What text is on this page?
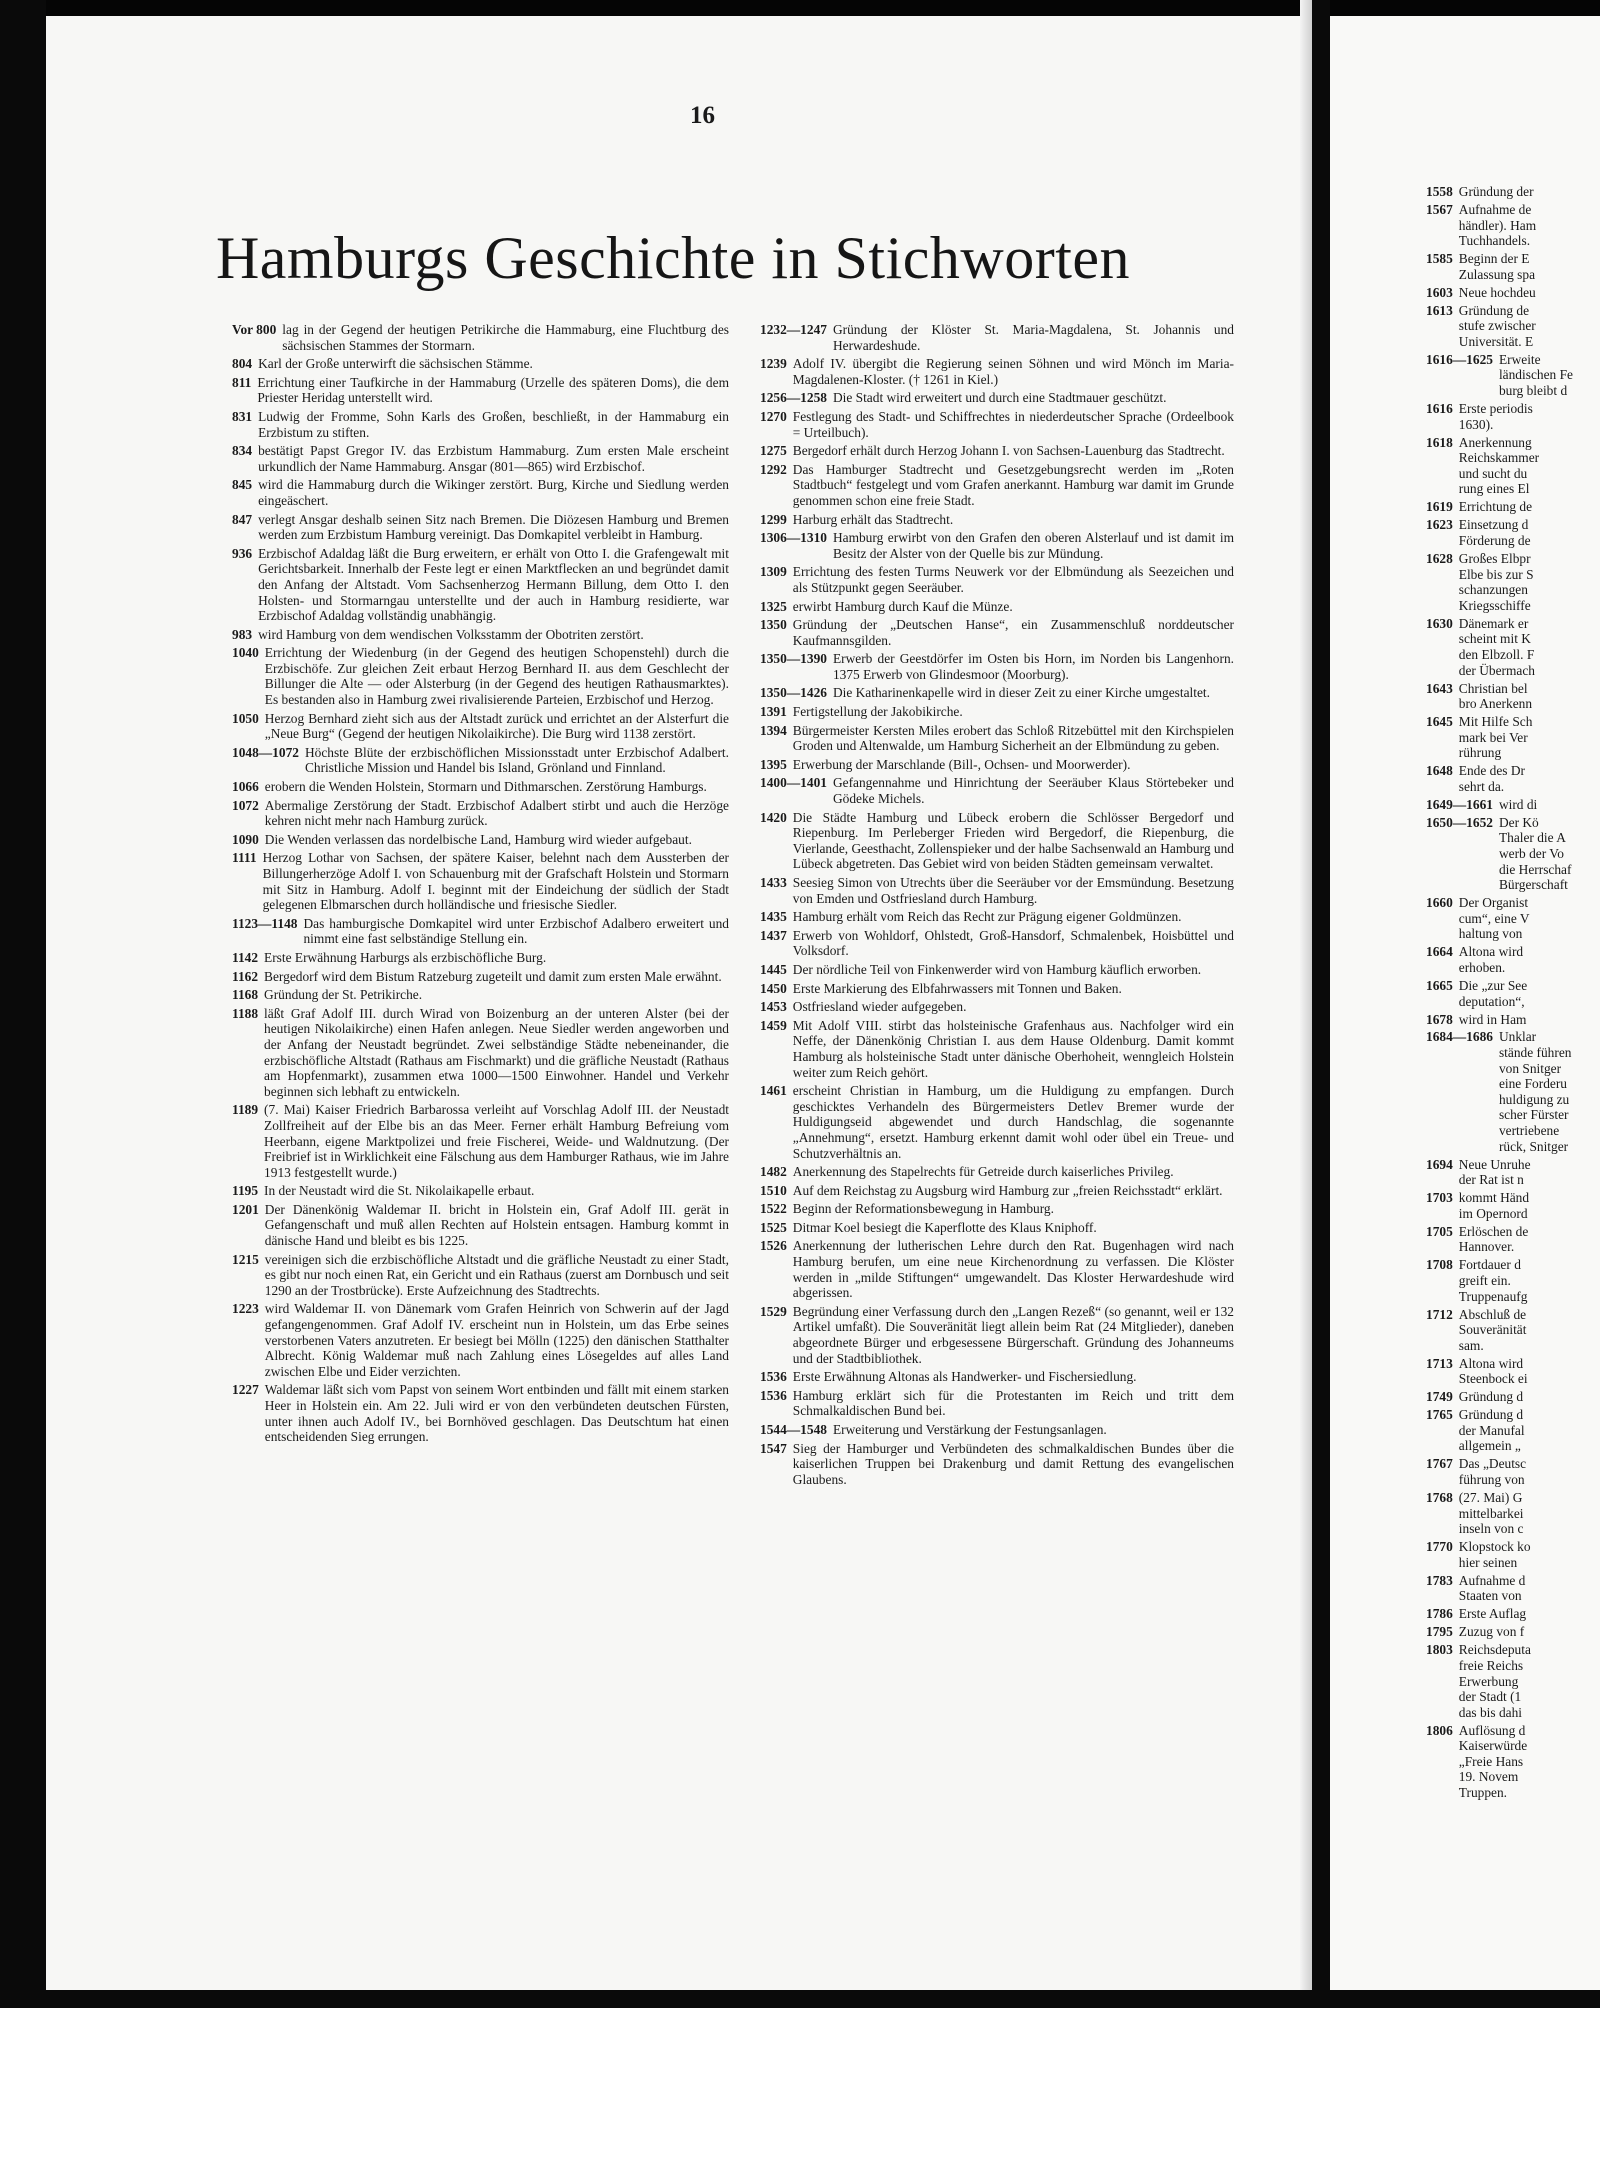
16
Hamburgs Geschichte in Stichworten
Vor 800 lag in der Gegend der heutigen Petrikirche die Hammaburg, eine Fluchtburg des sächsischen Stammes der Stormarn.
804 Karl der Große unterwirft die sächsischen Stämme.
811 Errichtung einer Taufkirche in der Hammaburg (Urzelle des späteren Doms), die dem Priester Heridag unterstellt wird.
831 Ludwig der Fromme, Sohn Karls des Großen, beschließt, in der Hammaburg ein Erzbistum zu stiften.
834 bestätigt Papst Gregor IV. das Erzbistum Hammaburg. Zum ersten Male erscheint urkundlich der Name Hammaburg. Ansgar (801—865) wird Erzbischof.
845 wird die Hammaburg durch die Wikinger zerstört. Burg, Kirche und Siedlung werden eingeäschert.
847 verlegt Ansgar deshalb seinen Sitz nach Bremen. Die Diözesen Hamburg und Bremen werden zum Erzbistum Hamburg vereinigt. Das Domkapitel verbleibt in Hamburg.
936 Erzbischof Adaldag läßt die Burg erweitern, er erhält von Otto I. die Grafengewalt mit Gerichtsbarkeit. Innerhalb der Feste legt er einen Marktflecken an und begründet damit den Anfang der Altstadt. Vom Sachsenherzog Hermann Billung, dem Otto I. den Holsten- und Stormarngau unterstellte und der auch in Hamburg residierte, war Erzbischof Adaldag vollständig unabhängig.
983 wird Hamburg von dem wendischen Volksstamm der Obotriten zerstört.
1040 Errichtung der Wiedenburg (in der Gegend des heutigen Schopenstehl) durch die Erzbischöfe. Zur gleichen Zeit erbaut Herzog Bernhard II. aus dem Geschlecht der Billunger die Alte — oder Alsterburg (in der Gegend des heutigen Rathausmarktes). Es bestanden also in Hamburg zwei rivalisierende Parteien, Erzbischof und Herzog.
1050 Herzog Bernhard zieht sich aus der Altstadt zurück und errichtet an der Alsterfurt die „Neue Burg“ (Gegend der heutigen Nikolaikirche). Die Burg wird 1138 zerstört.
1048—1072 Höchste Blüte der erzbischöflichen Missionsstadt unter Erzbischof Adalbert. Christliche Mission und Handel bis Island, Grönland und Finnland.
1066 erobern die Wenden Holstein, Stormarn und Dithmarschen. Zerstörung Hamburgs.
1072 Abermalige Zerstörung der Stadt. Erzbischof Adalbert stirbt und auch die Herzöge kehren nicht mehr nach Hamburg zurück.
1090 Die Wenden verlassen das nordelbische Land, Hamburg wird wieder aufgebaut.
1111 Herzog Lothar von Sachsen, der spätere Kaiser, belehnt nach dem Aussterben der Billungerherzöge Adolf I. von Schauenburg mit der Grafschaft Holstein und Stormarn mit Sitz in Hamburg. Adolf I. beginnt mit der Eindeichung der südlich der Stadt gelegenen Elbmarschen durch holländische und friesische Siedler.
1123—1148 Das hamburgische Domkapitel wird unter Erzbischof Adalbero erweitert und nimmt eine fast selbständige Stellung ein.
1142 Erste Erwähnung Harburgs als erzbischöfliche Burg.
1162 Bergedorf wird dem Bistum Ratzeburg zugeteilt und damit zum ersten Male erwähnt.
1168 Gründung der St. Petrikirche.
1188 läßt Graf Adolf III. durch Wirad von Boizenburg an der unteren Alster (bei der heutigen Nikolaikirche) einen Hafen anlegen. Neue Siedler werden angeworben und der Anfang der Neustadt begründet. Zwei selbständige Städte nebeneinander, die erzbischöfliche Altstadt (Rathaus am Fischmarkt) und die gräfliche Neustadt (Rathaus am Hopfenmarkt), zusammen etwa 1000—1500 Einwohner. Handel und Verkehr beginnen sich lebhaft zu entwickeln.
1189 (7. Mai) Kaiser Friedrich Barbarossa verleiht auf Vorschlag Adolf III. der Neustadt Zollfreiheit auf der Elbe bis an das Meer. Ferner erhält Hamburg Befreiung vom Heerbann, eigene Marktpolizei und freie Fischerei, Weide- und Waldnutzung. (Der Freibrief ist in Wirklichkeit eine Fälschung aus dem Hamburger Rathaus, wie im Jahre 1913 festgestellt wurde.)
1195 In der Neustadt wird die St. Nikolaikapelle erbaut.
1201 Der Dänenkönig Waldemar II. bricht in Holstein ein, Graf Adolf III. gerät in Gefangenschaft und muß allen Rechten auf Holstein entsagen. Hamburg kommt in dänische Hand und bleibt es bis 1225.
1215 vereinigen sich die erzbischöfliche Altstadt und die gräfliche Neustadt zu einer Stadt, es gibt nur noch einen Rat, ein Gericht und ein Rathaus (zuerst am Dornbusch und seit 1290 an der Trostbrücke). Erste Aufzeichnung des Stadtrechts.
1223 wird Waldemar II. von Dänemark vom Grafen Heinrich von Schwerin auf der Jagd gefangengenommen. Graf Adolf IV. erscheint nun in Holstein, um das Erbe seines verstorbenen Vaters anzutreten. Er besiegt bei Mölln (1225) den dänischen Statthalter Albrecht. König Waldemar muß nach Zahlung eines Lösegeldes auf alles Land zwischen Elbe und Eider verzichten.
1227 Waldemar läßt sich vom Papst von seinem Wort entbinden und fällt mit einem starken Heer in Holstein ein. Am 22. Juli wird er von den verbündeten deutschen Fürsten, unter ihnen auch Adolf IV., bei Bornhöved geschlagen. Das Deutschtum hat einen entscheidenden Sieg errungen.
1232—1247 Gründung der Klöster St. Maria-Magdalena, St. Johannis und Herwardeshude.
1239 Adolf IV. übergibt die Regierung seinen Söhnen und wird Mönch im Maria-Magdalenen-Kloster. († 1261 in Kiel.)
1256—1258 Die Stadt wird erweitert und durch eine Stadtmauer geschützt.
1270 Festlegung des Stadt- und Schiffrechtes in niederdeutscher Sprache (Ordeelbook = Urteilbuch).
1275 Bergedorf erhält durch Herzog Johann I. von Sachsen-Lauenburg das Stadtrecht.
1292 Das Hamburger Stadtrecht und Gesetzgebungsrecht werden im „Roten Stadtbuch“ festgelegt und vom Grafen anerkannt. Hamburg war damit im Grunde genommen schon eine freie Stadt.
1299 Harburg erhält das Stadtrecht.
1306—1310 Hamburg erwirbt von den Grafen den oberen Alsterlauf und ist damit im Besitz der Alster von der Quelle bis zur Mündung.
1309 Errichtung des festen Turms Neuwerk vor der Elbmündung als Seezeichen und als Stützpunkt gegen Seeräuber.
1325 erwirbt Hamburg durch Kauf die Münze.
1350 Gründung der „Deutschen Hanse“, ein Zusammenschluß norddeutscher Kaufmannsgilden.
1350—1390 Erwerb der Geestdörfer im Osten bis Horn, im Norden bis Langenhorn. 1375 Erwerb von Glindesmoor (Moorburg).
1350—1426 Die Katharinenkapelle wird in dieser Zeit zu einer Kirche umgestaltet.
1391 Fertigstellung der Jakobikirche.
1394 Bürgermeister Kersten Miles erobert das Schloß Ritzebüttel mit den Kirchspielen Groden und Altenwalde, um Hamburg Sicherheit an der Elbmündung zu geben.
1395 Erwerbung der Marschlande (Bill-, Ochsen- und Moorwerder).
1400—1401 Gefangennahme und Hinrichtung der Seeräuber Klaus Störtebeker und Gödeke Michels.
1420 Die Städte Hamburg und Lübeck erobern die Schlösser Bergedorf und Riepenburg. Im Perleberger Frieden wird Bergedorf, die Riepenburg, die Vierlande, Geesthacht, Zollenspieker und der halbe Sachsenwald an Hamburg und Lübeck abgetreten. Das Gebiet wird von beiden Städten gemeinsam verwaltet.
1433 Seesieg Simon von Utrechts über die Seeräuber vor der Emsmündung. Besetzung von Emden und Ostfriesland durch Hamburg.
1435 Hamburg erhält vom Reich das Recht zur Prägung eigener Goldmünzen.
1437 Erwerb von Wohldorf, Ohlstedt, Groß-Hansdorf, Schmalenbek, Hoisbüttel und Volksdorf.
1445 Der nördliche Teil von Finkenwerder wird von Hamburg käuflich erworben.
1450 Erste Markierung des Elbfahrwassers mit Tonnen und Baken.
1453 Ostfriesland wieder aufgegeben.
1459 Mit Adolf VIII. stirbt das holsteinische Grafenhaus aus. Nachfolger wird ein Neffe, der Dänenkönig Christian I. aus dem Hause Oldenburg. Damit kommt Hamburg als holsteinische Stadt unter dänische Oberhoheit, wenngleich Holstein weiter zum Reich gehört.
1461 erscheint Christian in Hamburg, um die Huldigung zu empfangen. Durch geschicktes Verhandeln des Bürgermeisters Detlev Bremer wurde der Huldigungseid abgewendet und durch Handschlag, die sogenannte „Annehmung“, ersetzt. Hamburg erkennt damit wohl oder übel ein Treue- und Schutzverhältnis an.
1482 Anerkennung des Stapelrechts für Getreide durch kaiserliches Privileg.
1510 Auf dem Reichstag zu Augsburg wird Hamburg zur „freien Reichsstadt“ erklärt.
1522 Beginn der Reformationsbewegung in Hamburg.
1525 Ditmar Koel besiegt die Kaperflotte des Klaus Kniphoff.
1526 Anerkennung der lutherischen Lehre durch den Rat. Bugenhagen wird nach Hamburg berufen, um eine neue Kirchenordnung zu verfassen. Die Klöster werden in „milde Stiftungen“ umgewandelt. Das Kloster Herwardeshude wird abgerissen.
1529 Begründung einer Verfassung durch den „Langen Rezeß“ (so genannt, weil er 132 Artikel umfaßt). Die Souveränität liegt allein beim Rat (24 Mitglieder), daneben abgeordnete Bürger und erbgesessene Bürgerschaft. Gründung des Johanneums und der Stadtbibliothek.
1536 Erste Erwähnung Altonas als Handwerker- und Fischersiedlung.
1536 Hamburg erklärt sich für die Protestanten im Reich und tritt dem Schmalkaldischen Bund bei.
1544—1548 Erweiterung und Verstärkung der Festungsanlagen.
1547 Sieg der Hamburger und Verbündeten des schmalkaldischen Bundes über die kaiserlichen Truppen bei Drakenburg und damit Rettung des evangelischen Glaubens.
1558 Gründung der
1567 Aufnahme de
händler). Ham
Tuchhandels.
1585 Beginn der E
Zulassung spa
1603 Neue hochdeu
1613 Gründung de
stufe zwischer
Universität. E
1616—1625 Erweite
ländischen Fe
burg bleibt d
1616 Erste periodis
1630).
1618 Anerkennung
Reichskammer
und sucht du
rung eines El
1619 Errichtung de
1623 Einsetzung d
Förderung de
1628 Großes Elbpr
Elbe bis zur S
schanzungen
Kriegsschiffe
1630 Dänemark er
scheint mit K
den Elbzoll. F
der Übermach
1643 Christian bel
bro Anerkenn
1645 Mit Hilfe Sch
mark bei Ver
rührung
1648 Ende des Dr
sehrt da.
1649—1661 wird di
1650—1652 Der Kö
Thaler die A
werb der Vo
die Herrschaf
Bürgerschaft
1660 Der Organist
cum“, eine V
haltung von
1664 Altona wird
erhoben.
1665 Die „zur See
deputation“,
1678 wird in Ham
1684—1686 Unklar
stände führen
von Snitger
eine Forderu
huldigung zu
scher Fürster
vertriebene
rück, Snitger
1694 Neue Unruhe
der Rat ist n
1703 kommt Händ
im Opernord
1705 Erlöschen de
Hannover.
1708 Fortdauer d
greift ein.
Truppenaufg
1712 Abschluß de
Souveränität
sam.
1713 Altona wird
Steenbock ei
1749 Gründung d
1765 Gründung d
der Manufal
allgemein „
1767 Das „Deutsc
führung von
1768 (27. Mai) G
mittelbarkei
inseln von c
1770 Klopstock ko
hier seinen
1783 Aufnahme d
Staaten von
1786 Erste Auflag
1795 Zuzug von f
1803 Reichsdeputa
freie Reichs
Erwerbung
der Stadt (1
das bis dahi
1806 Auflösung d
Kaiserwürde
„Freie Hans
19. Novem
Truppen.
